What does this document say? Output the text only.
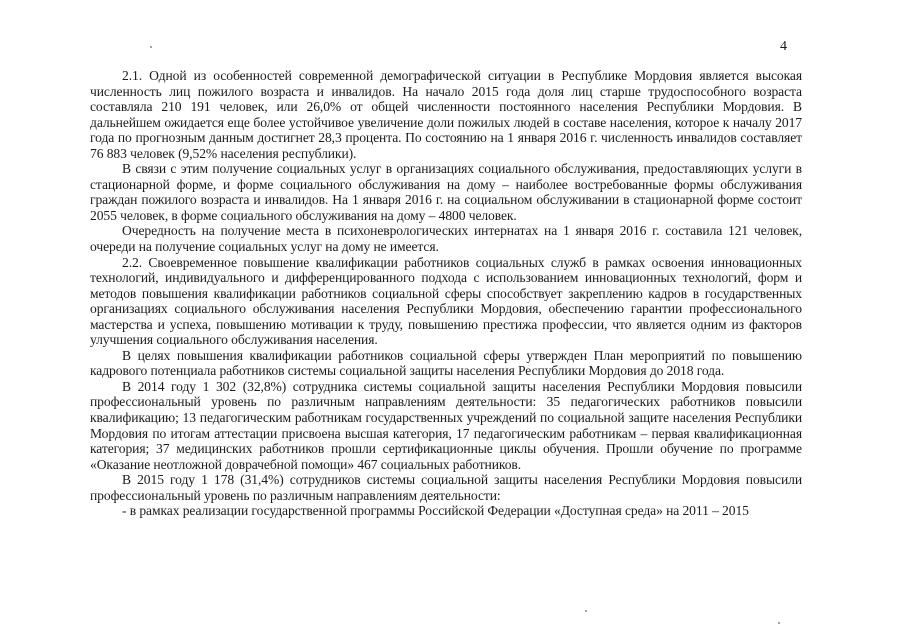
4

2.1. Одной из особенностей современной демографической ситуации в Республике Мордовия является высокая численность лиц пожилого возраста и инвалидов. На начало 2015 года доля лиц старше трудоспособного возраста составляла 210 191 человек, или 26,0% от общей численности постоянного населения Республики Мордовия. В дальнейшем ожидается еще более устойчивое увеличение доли пожилых людей в составе населения, которое к началу 2017 года по прогнозным данным достигнет 28,3 процента. По состоянию на 1 января 2016 г. численность инвалидов составляет 76 883 человек (9,52% населения республики).

В связи с этим получение социальных услуг в организациях социального обслуживания, предоставляющих услуги в стационарной форме, и форме социального обслуживания на дому – наиболее востребованные формы обслуживания граждан пожилого возраста и инвалидов. На 1 января 2016 г. на социальном обслуживании в стационарной форме состоит 2055 человек, в форме социального обслуживания на дому – 4800 человек.

Очередность на получение места в психоневрологических интернатах на 1 января 2016 г. составила 121 человек, очереди на получение социальных услуг на дому не имеется.

2.2. Своевременное повышение квалификации работников социальных служб в рамках освоения инновационных технологий, индивидуального и дифференцированного подхода с использованием инновационных технологий, форм и методов повышения квалификации работников социальной сферы способствует закреплению кадров в государственных организациях социального обслуживания населения Республики Мордовия, обеспечению гарантии профессионального мастерства и успеха, повышению мотивации к труду, повышению престижа профессии, что является одним из факторов улучшения социального обслуживания населения.

В целях повышения квалификации работников социальной сферы утвержден План мероприятий по повышению кадрового потенциала работников системы социальной защиты населения Республики Мордовия до 2018 года.

В 2014 году 1 302 (32,8%) сотрудника системы социальной защиты населения Республики Мордовия повысили профессиональный уровень по различным направлениям деятельности: 35 педагогических работников повысили квалификацию; 13 педагогическим работникам государственных учреждений по социальной защите населения Республики Мордовия по итогам аттестации присвоена высшая категория, 17 педагогическим работникам – первая квалификационная категория; 37 медицинских работников прошли сертификационные циклы обучения. Прошли обучение по программе «Оказание неотложной доврачебной помощи» 467 социальных работников.

В 2015 году 1 178 (31,4%) сотрудников системы социальной защиты населения Республики Мордовия повысили профессиональный уровень по различным направлениям деятельности:

- в рамках реализации государственной программы Российской Федерации «Доступная среда» на 2011 – 2015
